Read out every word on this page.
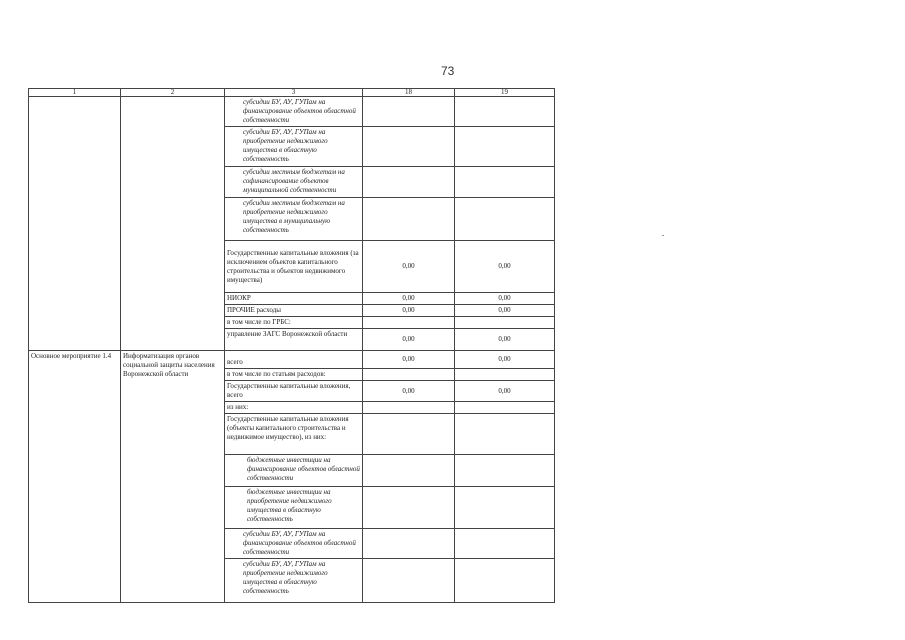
73
1	2	3	18	19
		субсидии БУ, АУ, ГУПам на финансирование объектов областной собственности		
		субсидии БУ, АУ, ГУПам на приобретение недвижимого имущества в областную собственность		
		субсидии местным бюджетам на софинансирование объектов муниципальной собственности		
		субсидии местным бюджетам на приобретение недвижимого имущества в муниципальную собственность		
		Государственные капитальные вложения (за исключением объектов капитального строительства и объектов недвижимого имущества)	0,00	0,00
		НИОКР	0,00	0,00
		ПРОЧИЕ расходы	0,00	0,00
		в том числе по ГРБС:		
		управление ЗАГС Воронежской области	0,00	0,00
Основное мероприятие 1.4	Информатизация органов социальной защиты населения Воронежской области	всего	0,00	0,00
		в том числе по статьям расходов:		
		Государственные капитальные вложения, всего	0,00	0,00
		из них:		
		Государственные капитальные вложения (объекты капитального строительства и недвижимое имущество), из них:		
		бюджетные инвестиции на финансирование объектов областной собственности		
		бюджетные инвестиции на приобретение недвижимого имущества в областную собственность		
		субсидии БУ, АУ, ГУПам на финансирование объектов областной собственности		
		субсидии БУ, АУ, ГУПам на приобретение недвижимого имущества в областную собственность		
